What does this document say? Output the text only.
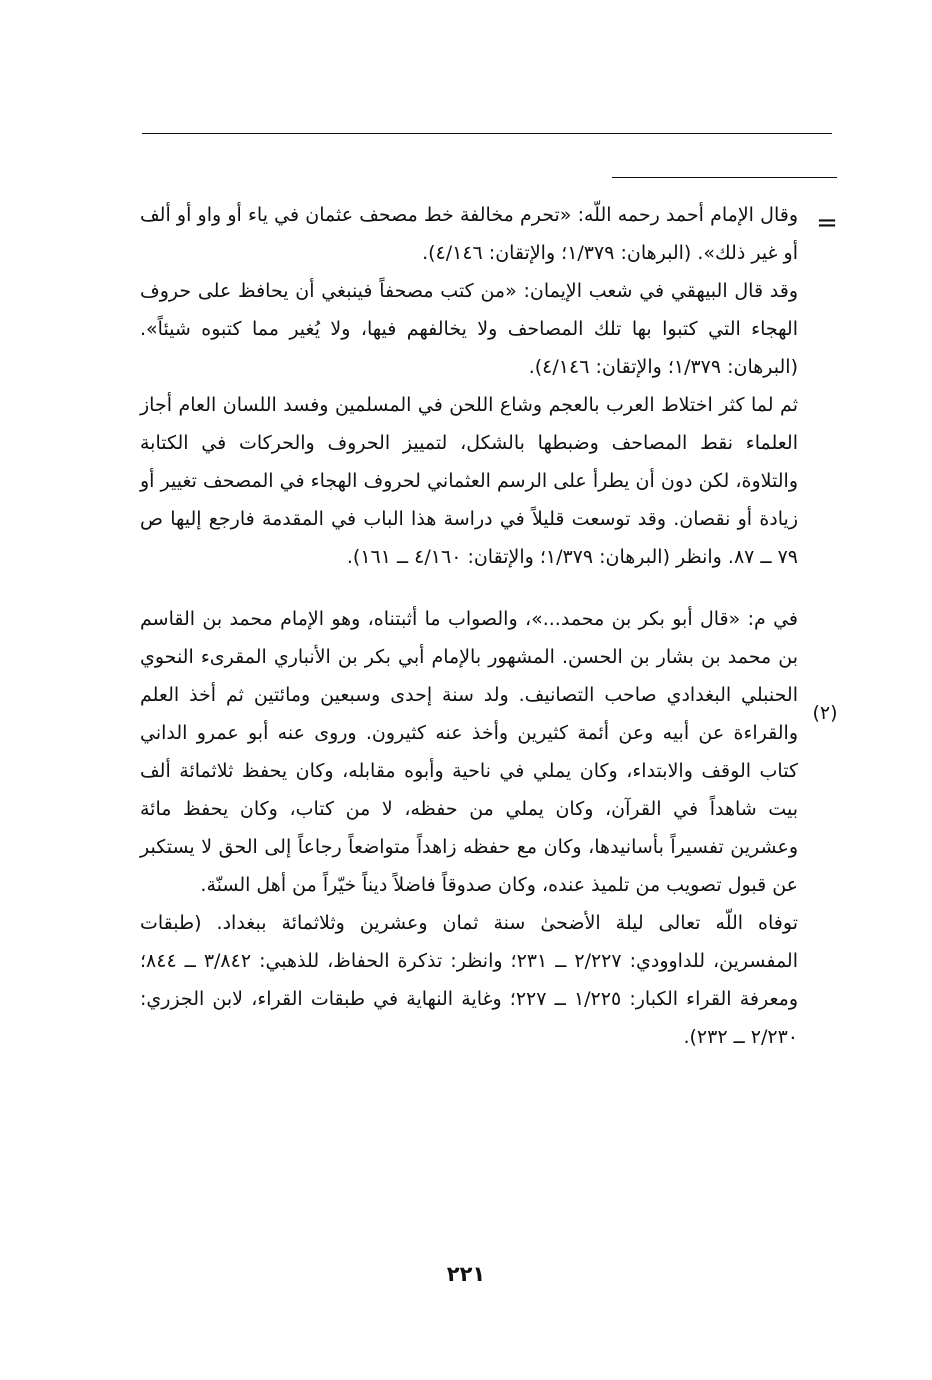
=
(٢)

وقال الإمام أحمد رحمه اللّه: «تحرم مخالفة خط مصحف عثمان في ياء أو واو أو ألف أو غير ذلك». (البرهان: ١/٣٧٩؛ والإتقان: ٤/١٤٦).

وقد قال البيهقي في شعب الإيمان: «من كتب مصحفاً فينبغي أن يحافظ على حروف الهجاء التي كتبوا بها تلك المصاحف ولا يخالفهم فيها، ولا يُغير مما كتبوه شيئاً». (البرهان: ١/٣٧٩؛ والإتقان: ٤/١٤٦).

ثم لما كثر اختلاط العرب بالعجم وشاع اللحن في المسلمين وفسد اللسان العام أجاز العلماء نقط المصاحف وضبطها بالشكل، لتمييز الحروف والحركات في الكتابة والتلاوة، لكن دون أن يطرأ على الرسم العثماني لحروف الهجاء في المصحف تغيير أو زيادة أو نقصان. وقد توسعت قليلاً في دراسة هذا الباب في المقدمة فارجع إليها ص ٧٩ ــ ٨٧. وانظر (البرهان: ١/٣٧٩؛ والإتقان: ٤/١٦٠ ــ ١٦١).

في م: «قال أبو بكر بن محمد...»، والصواب ما أثبتناه، وهو الإمام محمد بن القاسم بن محمد بن بشار بن الحسن. المشهور بالإمام أبي بكر بن الأنباري المقرىء النحوي الحنبلي البغدادي صاحب التصانيف. ولد سنة إحدى وسبعين ومائتين ثم أخذ العلم والقراءة عن أبيه وعن أئمة كثيرين وأخذ عنه كثيرون. وروى عنه أبو عمرو الداني كتاب الوقف والابتداء، وكان يملي في ناحية وأبوه مقابله، وكان يحفظ ثلاثمائة ألف بيت شاهداً في القرآن، وكان يملي من حفظه، لا من كتاب، وكان يحفظ مائة وعشرين تفسيراً بأسانيدها، وكان مع حفظه زاهداً متواضعاً رجاعاً إلى الحق لا يستكبر عن قبول تصويب من تلميذ عنده، وكان صدوقاً فاضلاً ديناً خيّراً من أهل السنّة.

توفاه اللّه تعالى ليلة الأضحىٰ سنة ثمان وعشرين وثلاثمائة ببغداد. (طبقات المفسرين، للداوودي: ٢/٢٢٧ ــ ٢٣١؛ وانظر: تذكرة الحفاظ، للذهبي: ٣/٨٤٢ ــ ٨٤٤؛ ومعرفة القراء الكبار: ١/٢٢٥ ــ ٢٢٧؛ وغاية النهاية في طبقات القراء، لابن الجزري: ٢/٢٣٠ ــ ٢٣٢).

٢٢١
